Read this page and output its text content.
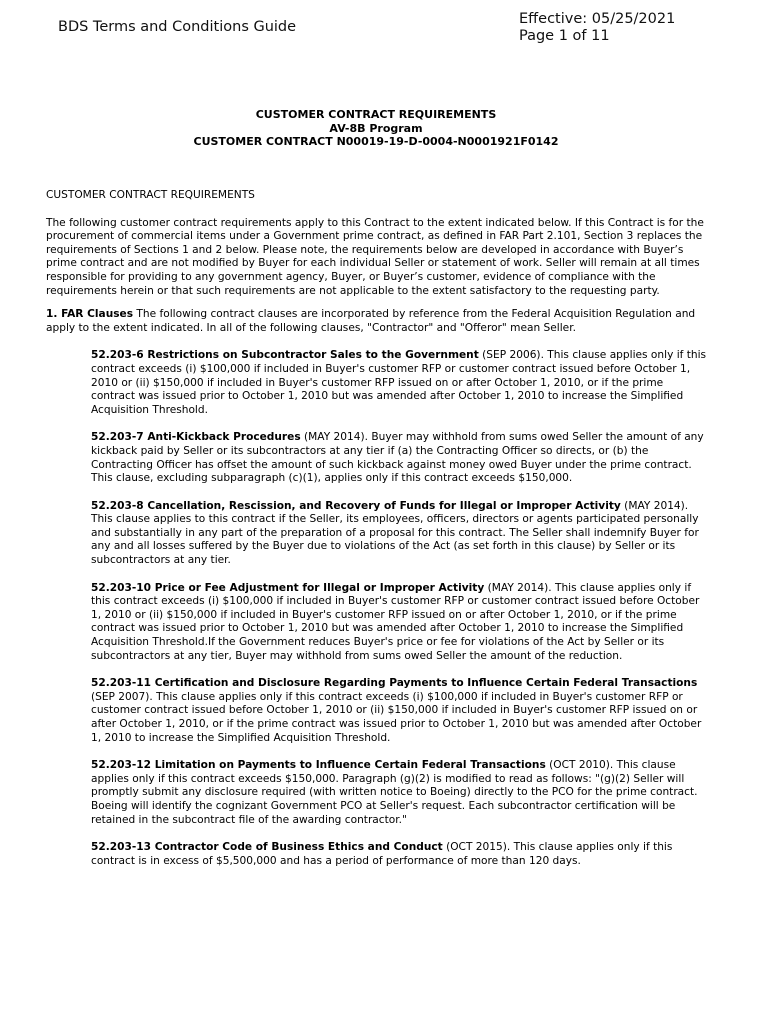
BDS Terms and Conditions Guide	Effective: 05/25/2021
Page 1 of 11
CUSTOMER CONTRACT REQUIREMENTS
AV-8B Program
CUSTOMER CONTRACT N00019-19-D-0004-N0001921F0142

CUSTOMER CONTRACT REQUIREMENTS

The following customer contract requirements apply to this Contract to the extent indicated below. If this Contract is for the procurement of commercial items under a Government prime contract, as defined in FAR Part 2.101, Section 3 replaces the requirements of Sections 1 and 2 below. Please note, the requirements below are developed in accordance with Buyer’s prime contract and are not modified by Buyer for each individual Seller or statement of work. Seller will remain at all times responsible for providing to any government agency, Buyer, or Buyer’s customer, evidence of compliance with the requirements herein or that such requirements are not applicable to the extent satisfactory to the requesting party.

1. FAR Clauses The following contract clauses are incorporated by reference from the Federal Acquisition Regulation and apply to the extent indicated. In all of the following clauses, "Contractor" and "Offeror" mean Seller.

52.203-6 Restrictions on Subcontractor Sales to the Government (SEP 2006). This clause applies only if this contract exceeds (i) $100,000 if included in Buyer's customer RFP or customer contract issued before October 1, 2010 or (ii) $150,000 if included in Buyer's customer RFP issued on or after October 1, 2010, or if the prime contract was issued prior to October 1, 2010 but was amended after October 1, 2010 to increase the Simplified Acquisition Threshold.

52.203-7 Anti-Kickback Procedures (MAY 2014). Buyer may withhold from sums owed Seller the amount of any kickback paid by Seller or its subcontractors at any tier if (a) the Contracting Officer so directs, or (b) the Contracting Officer has offset the amount of such kickback against money owed Buyer under the prime contract. This clause, excluding subparagraph (c)(1), applies only if this contract exceeds $150,000.

52.203-8 Cancellation, Rescission, and Recovery of Funds for Illegal or Improper Activity (MAY 2014). This clause applies to this contract if the Seller, its employees, officers, directors or agents participated personally and substantially in any part of the preparation of a proposal for this contract. The Seller shall indemnify Buyer for any and all losses suffered by the Buyer due to violations of the Act (as set forth in this clause) by Seller or its subcontractors at any tier.

52.203-10 Price or Fee Adjustment for Illegal or Improper Activity (MAY 2014). This clause applies only if this contract exceeds (i) $100,000 if included in Buyer's customer RFP or customer contract issued before October 1, 2010 or (ii) $150,000 if included in Buyer's customer RFP issued on or after October 1, 2010, or if the prime contract was issued prior to October 1, 2010 but was amended after October 1, 2010 to increase the Simplified Acquisition Threshold.If the Government reduces Buyer's price or fee for violations of the Act by Seller or its subcontractors at any tier, Buyer may withhold from sums owed Seller the amount of the reduction.

52.203-11 Certification and Disclosure Regarding Payments to Influence Certain Federal Transactions (SEP 2007). This clause applies only if this contract exceeds (i) $100,000 if included in Buyer's customer RFP or customer contract issued before October 1, 2010 or (ii) $150,000 if included in Buyer's customer RFP issued on or after October 1, 2010, or if the prime contract was issued prior to October 1, 2010 but was amended after October 1, 2010 to increase the Simplified Acquisition Threshold.

52.203-12 Limitation on Payments to Influence Certain Federal Transactions (OCT 2010). This clause applies only if this contract exceeds $150,000. Paragraph (g)(2) is modified to read as follows: "(g)(2) Seller will promptly submit any disclosure required (with written notice to Boeing) directly to the PCO for the prime contract. Boeing will identify the cognizant Government PCO at Seller's request. Each subcontractor certification will be retained in the subcontract file of the awarding contractor."

52.203-13 Contractor Code of Business Ethics and Conduct (OCT 2015). This clause applies only if this contract is in excess of $5,500,000 and has a period of performance of more than 120 days.
